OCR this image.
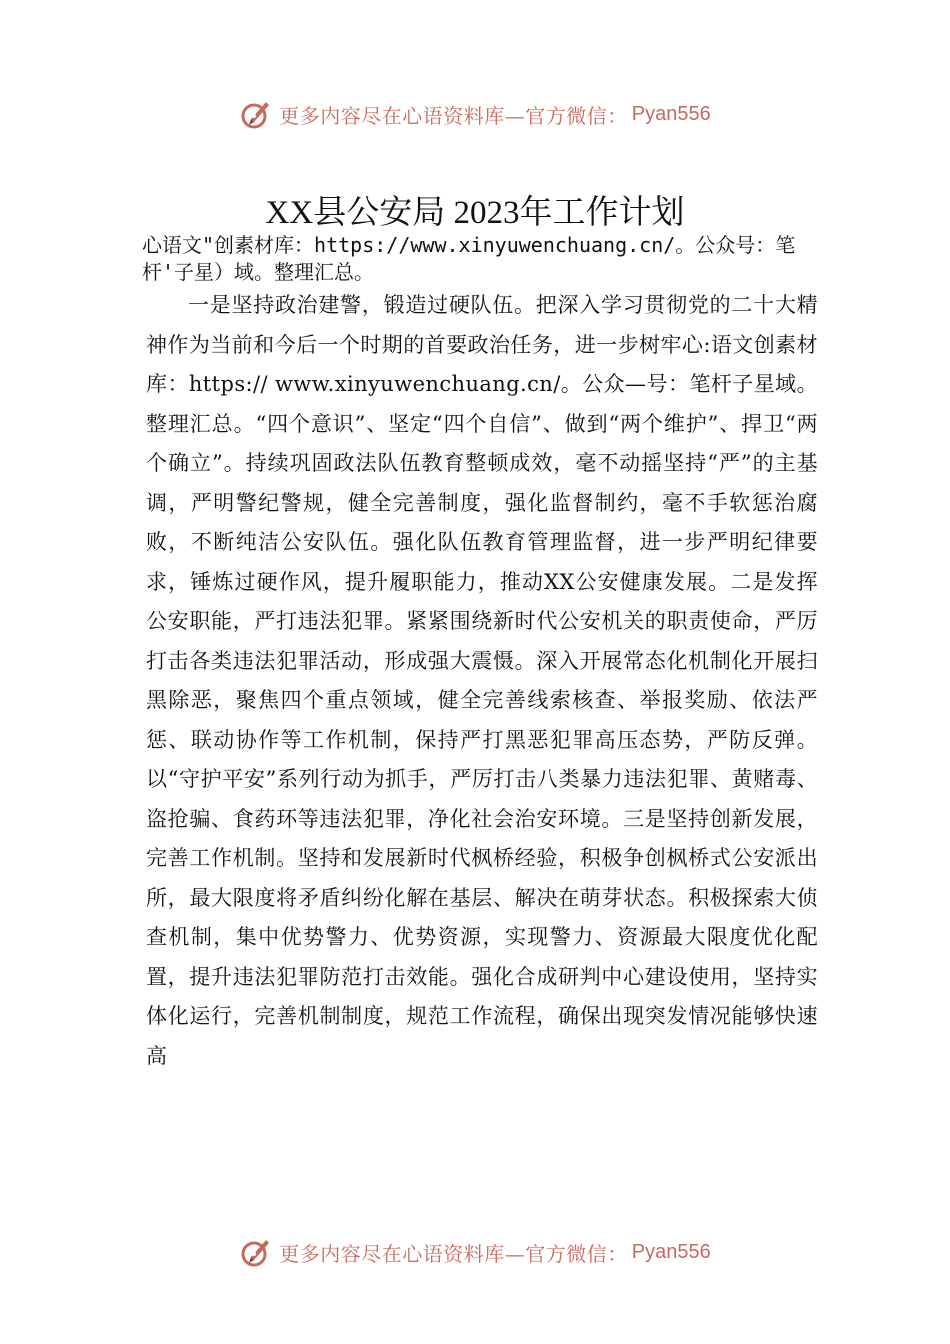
更多内容尽在心语资料库—官方微信： Pyan556
XX县公安局 2023年工作计划
心语文"创素材库：https://www.xinyuwenchuang.cn/。公众号：笔杆'子星）域。整理汇总。
一是坚持政治建警，锻造过硬队伍。把深入学习贯彻党的二十大精神作为当前和今后一个时期的首要政治任务，进一步树牢心:语文创素材库：https:// www.xinyuwenchuang.cn/。公众—号：笔杆子星域。整理汇总。“四个意识”、坚定“四个自信”、做到“两个维护”、捍卫“两个确立”。持续巩固政法队伍教育整顿成效，毫不动摇坚持“严”的主基调，严明警纪警规，健全完善制度，强化监督制约，毫不手软惩治腐败，不断纯洁公安队伍。强化队伍教育管理监督，进一步严明纪律要求，锤炼过硬作风，提升履职能力，推动XX公安健康发展。二是发挥公安职能，严打违法犯罪。紧紧围绕新时代公安机关的职责使命，严厉打击各类违法犯罪活动，形成强大震慑。深入开展常态化机制化开展扫黑除恶，聚焦四个重点领域，健全完善线索核查、举报奖励、依法严惩、联动协作等工作机制，保持严打黑恶犯罪高压态势，严防反弹。以“守护平安”系列行动为抓手，严厉打击八类暴力违法犯罪、黄赌毒、盗抢骗、食药环等违法犯罪，净化社会治安环境。三是坚持创新发展，完善工作机制。坚持和发展新时代枫桥经验，积极争创枫桥式公安派出所，最大限度将矛盾纠纷化解在基层、解决在萌芽状态。积极探索大侦查机制，集中优势警力、优势资源，实现警力、资源最大限度优化配置，提升违法犯罪防范打击效能。强化合成研判中心建设使用，坚持实体化运行，完善机制制度，规范工作流程，确保出现突发情况能够快速高
更多内容尽在心语资料库—官方微信： Pyan556
